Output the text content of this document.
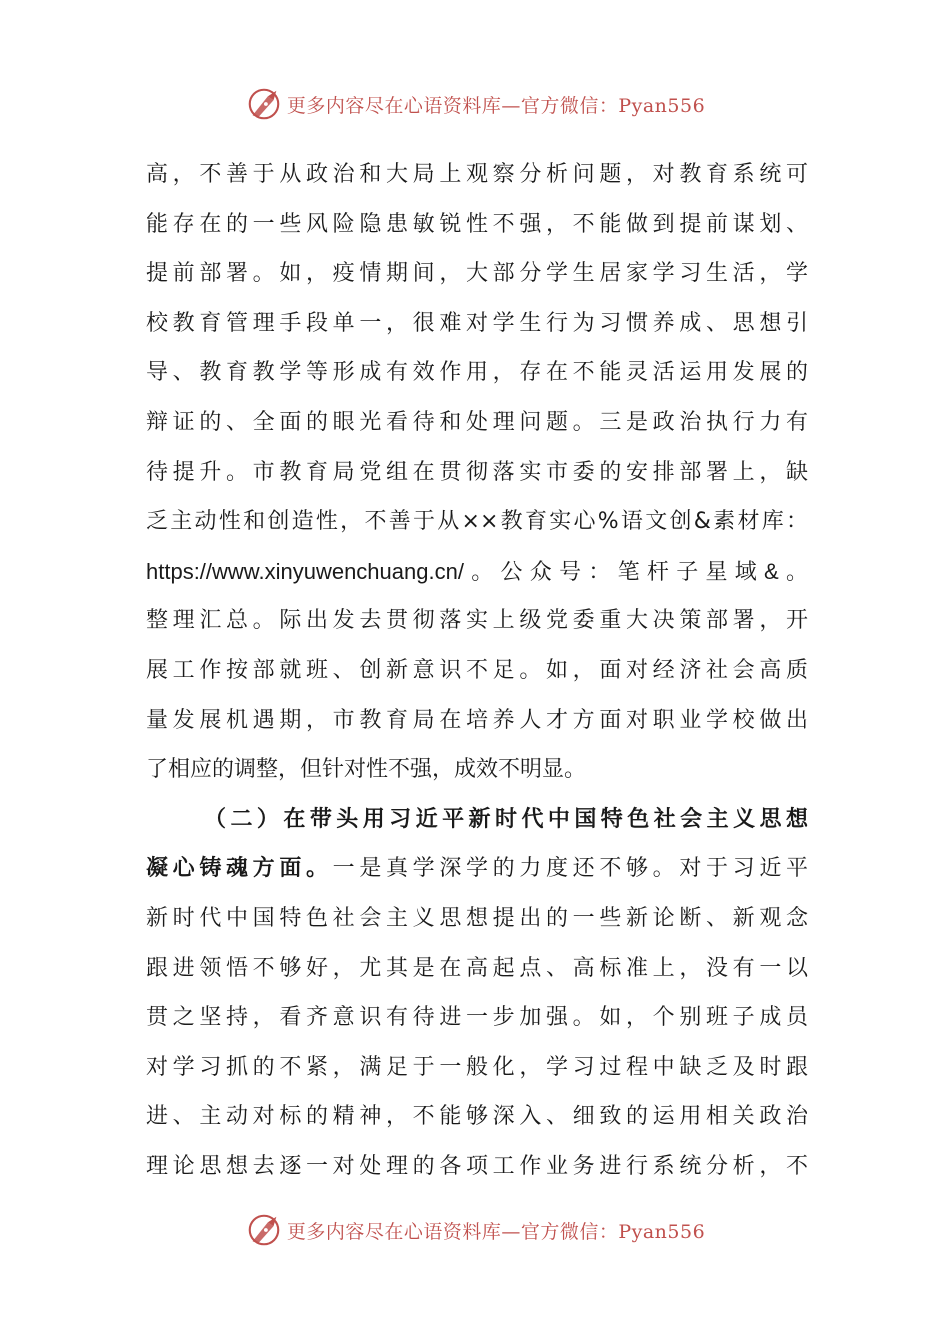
更多内容尽在心语资料库—官方微信：Pyan556
高，不善于从政治和大局上观察分析问题，对教育系统可
能存在的一些风险隐患敏锐性不强，不能做到提前谋划、
提前部署。如，疫情期间，大部分学生居家学习生活，学
校教育管理手段单一，很难对学生行为习惯养成、思想引
导、教育教学等形成有效作用，存在不能灵活运用发展的
辩证的、全面的眼光看待和处理问题。三是政治执行力有
待提升。市教育局党组在贯彻落实市委的安排部署上，缺
乏主动性和创造性，不善于从××教育实心%语文创&素材库：
https://www.xinyuwenchuang.cn/。公众号：笔杆子星域&。
整理汇总。际出发去贯彻落实上级党委重大决策部署，开
展工作按部就班、创新意识不足。如，面对经济社会高质
量发展机遇期，市教育局在培养人才方面对职业学校做出
了相应的调整，但针对性不强，成效不明显。
（二）在带头用习近平新时代中国特色社会主义思想
凝心铸魂方面。一是真学深学的力度还不够。对于习近平
新时代中国特色社会主义思想提出的一些新论断、新观念
跟进领悟不够好，尤其是在高起点、高标准上，没有一以
贯之坚持，看齐意识有待进一步加强。如，个别班子成员
对学习抓的不紧，满足于一般化，学习过程中缺乏及时跟
进、主动对标的精神，不能够深入、细致的运用相关政治
理论思想去逐一对处理的各项工作业务进行系统分析，不
更多内容尽在心语资料库—官方微信：Pyan556
